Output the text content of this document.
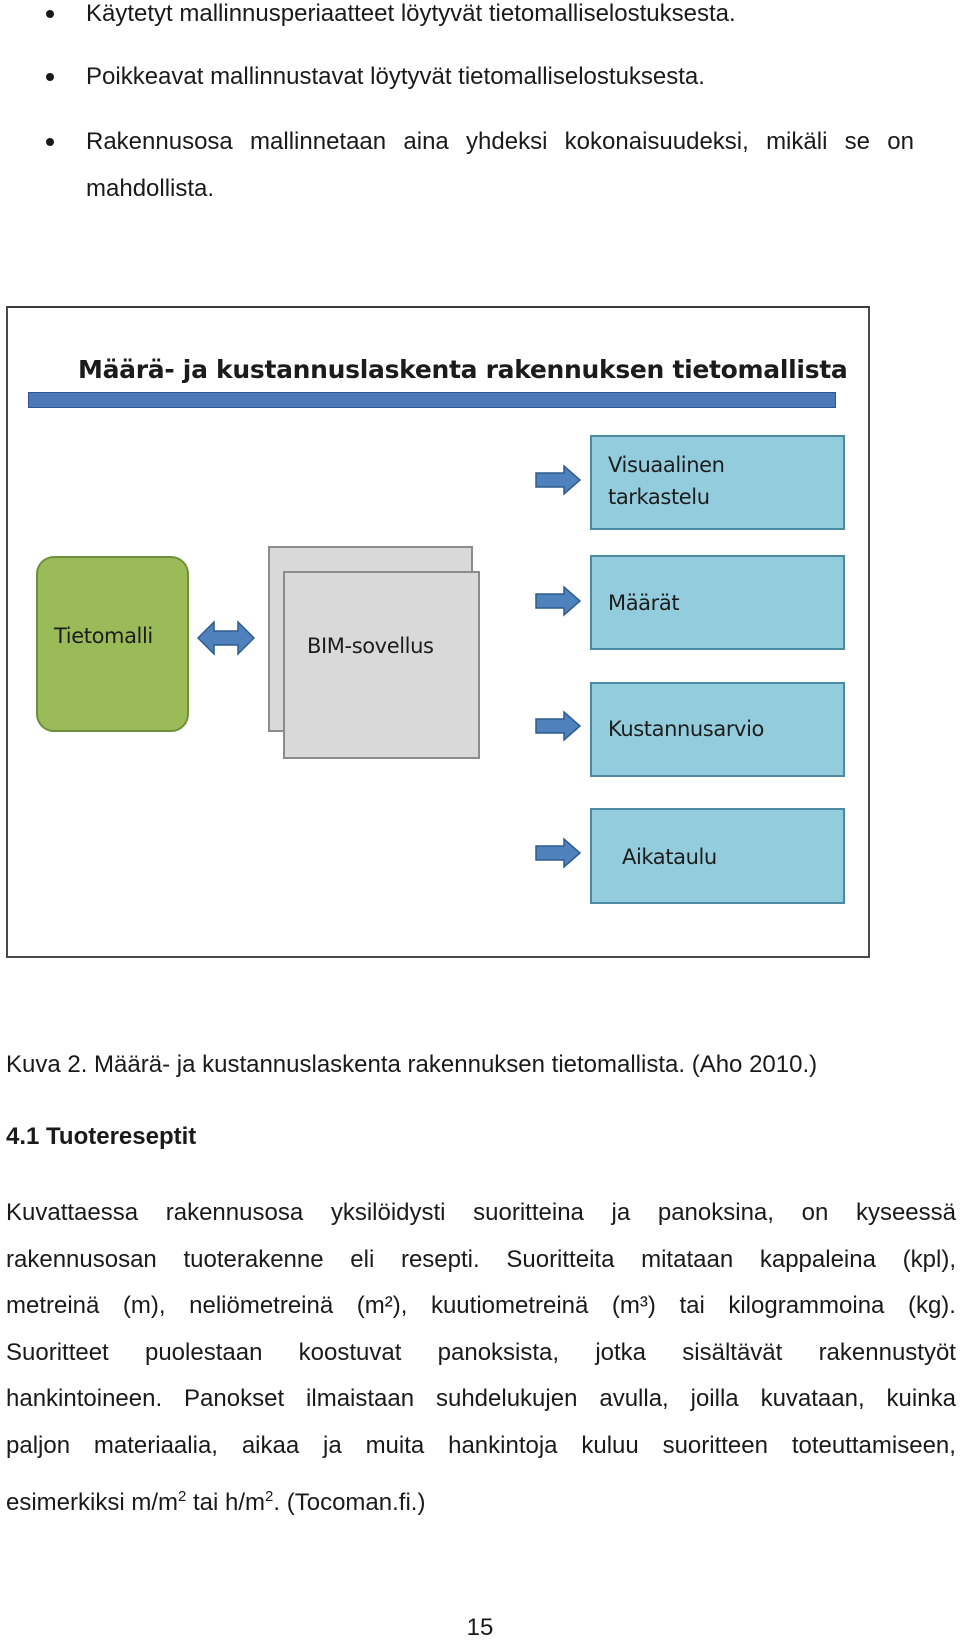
Käytetyt mallinnusperiaatteet löytyvät tietomalliselostuksesta.
Poikkeavat mallinnustavat löytyvät tietomalliselostuksesta.
Rakennusosa mallinnetaan aina yhdeksi kokonaisuudeksi, mikäli se on
mahdollista.
Määrä- ja kustannuslaskenta rakennuksen tietomallista
Tietomalli	BIM-sovellus
Visuaalinen
tarkastelu
Määrät
Kustannusarvio
Aikataulu
Kuva 2. Määrä- ja kustannuslaskenta rakennuksen tietomallista. (Aho 2010.)
4.1 Tuotereseptit
Kuvattaessa rakennusosa yksilöidysti suoritteina ja panoksina, on kyseessä
rakennusosan tuoterakenne eli resepti. Suoritteita mitataan kappaleina (kpl),
metreinä (m), neliömetreinä (m²), kuutiometreinä (m³) tai kilogrammoina (kg).
Suoritteet puolestaan koostuvat panoksista, jotka sisältävät rakennustyöt
hankintoineen. Panokset ilmaistaan suhdelukujen avulla, joilla kuvataan, kuinka
paljon materiaalia, aikaa ja muita hankintoja kuluu suoritteen toteuttamiseen,
esimerkiksi $m/m^2$ tai $h/m^2$. (Tocoman.fi.)
15
